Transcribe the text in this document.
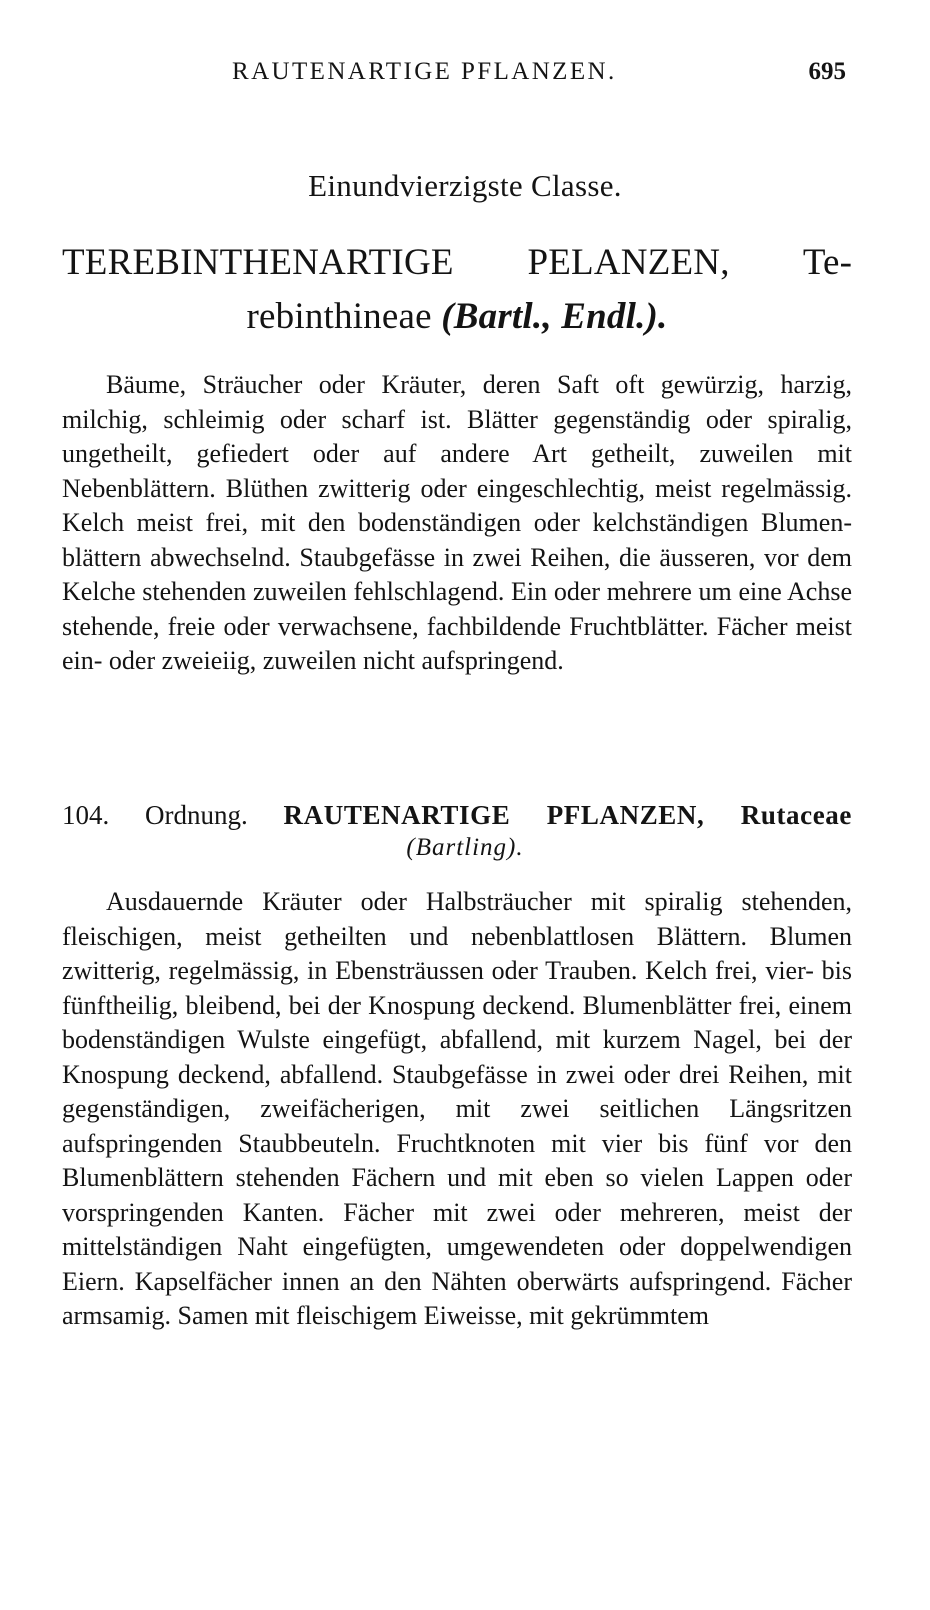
RAUTENARTIGE PFLANZEN.	695
Einundvierzigste Classe.
TEREBINTHENARTIGE PELANZEN, Terebinthineae (Bartl., Endl.).

Bäume, Sträucher oder Kräuter, deren Saft oft gewürzig, harzig, milchig, schleimig oder scharf ist. Blätter gegenständig oder spiralig, ungetheilt, gefiedert oder auf andere Art getheilt, zuweilen mit Nebenblättern. Blüthen zwitterig oder eingeschlechtig, meist regelmässig. Kelch meist frei, mit den bodenständigen oder kelchständigen Blumenblättern abwechselnd. Staubgefässe in zwei Reihen, die äusseren, vor dem Kelche stehenden zuweilen fehlschlagend. Ein oder mehrere um eine Achse stehende, freie oder verwachsene, fachbildende Fruchtblätter. Fächer meist ein- oder zweieiig, zuweilen nicht aufspringend.

104. Ordnung. RAUTENARTIGE PFLANZEN, Rutaceae
(Bartling).

Ausdauernde Kräuter oder Halbsträucher mit spiralig stehenden, fleischigen, meist getheilten und nebenblattlosen Blättern. Blumen zwitterig, regelmässig, in Ebensträussen oder Trauben. Kelch frei, vier- bis fünftheilig, bleibend, bei der Knospung deckend. Blumenblätter frei, einem bodenständigen Wulste eingefügt, abfallend, mit kurzem Nagel, bei der Knospung deckend, abfallend. Staubgefässe in zwei oder drei Reihen, mit gegenständigen, zweifächerigen, mit zwei seitlichen Längsritzen aufspringenden Staubbeuteln. Fruchtknoten mit vier bis fünf vor den Blumenblättern stehenden Fächern und mit eben so vielen Lappen oder vorspringenden Kanten. Fächer mit zwei oder mehreren, meist der mittelständigen Naht eingefügten, umgewendeten oder doppelwendigen Eiern. Kapselfächer innen an den Nähten oberwärts aufspringend. Fächer armsamig. Samen mit fleischigem Eiweisse, mit gekrümmtem
